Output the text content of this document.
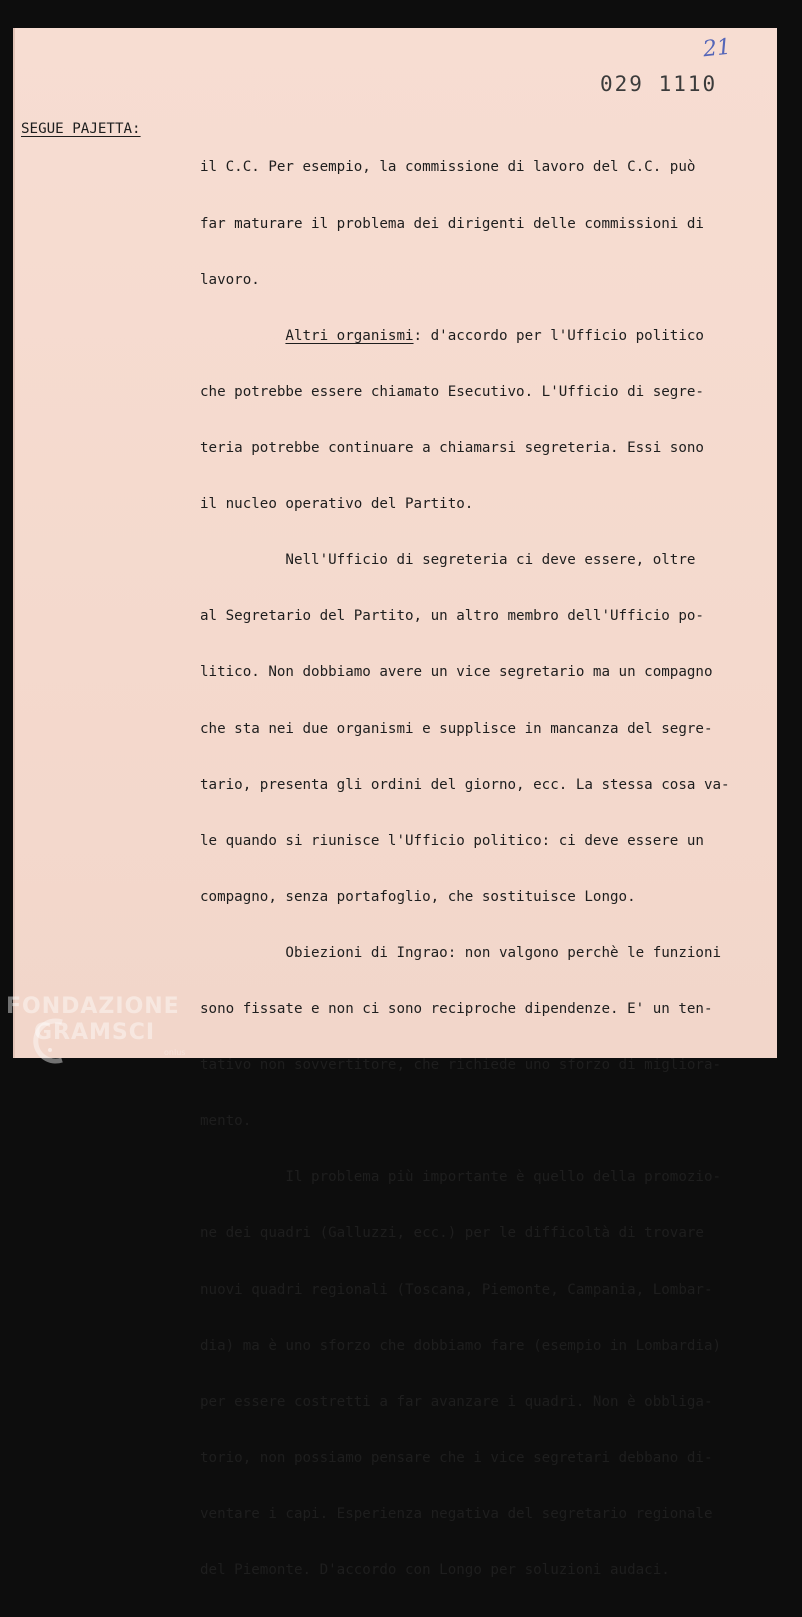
21
029 1110
SEGUE PAJETTA:

il C.C. Per esempio, la commissione di lavoro del C.C. può

far maturare il problema dei dirigenti delle commissioni di

lavoro.

Altri organismi: d'accordo per l'Ufficio politico

che potrebbe essere chiamato Esecutivo. L'Ufficio di segre-

teria potrebbe continuare a chiamarsi segreteria. Essi sono

il nucleo operativo del Partito.

Nell'Ufficio di segreteria ci deve essere, oltre

al Segretario del Partito, un altro membro dell'Ufficio po-

litico. Non dobbiamo avere un vice segretario ma un compagno

che sta nei due organismi e supplisce in mancanza del segre-

tario, presenta gli ordini del giorno, ecc. La stessa cosa va-

le quando si riunisce l'Ufficio politico: ci deve essere un

compagno, senza portafoglio, che sostituisce Longo.

Obiezioni di Ingrao: non valgono perchè le funzioni

sono fissate e non ci sono reciproche dipendenze. E' un ten-

tativo non sovvertitore, che richiede uno sforzo di migliora-

mento.

Il problema più importante è quello della promozio-

ne dei quadri (Galluzzi, ecc.) per le difficoltà di trovare

nuovi quadri regionali (Toscana, Piemonte, Campania, Lombar-

dia) ma è uno sforzo che dobbiamo fare (esempio in Lombardia)

per essere costretti a far avanzare i quadri. Non è obbliga-

torio, non possiamo pensare che i vice segretari debbano di-

ventare i capi. Esperienza negativa del segretario regionale

del Piemonte. D'accordo con Longo per soluzioni audaci.

FONDAZIONE
GRAMSCI
onlus
